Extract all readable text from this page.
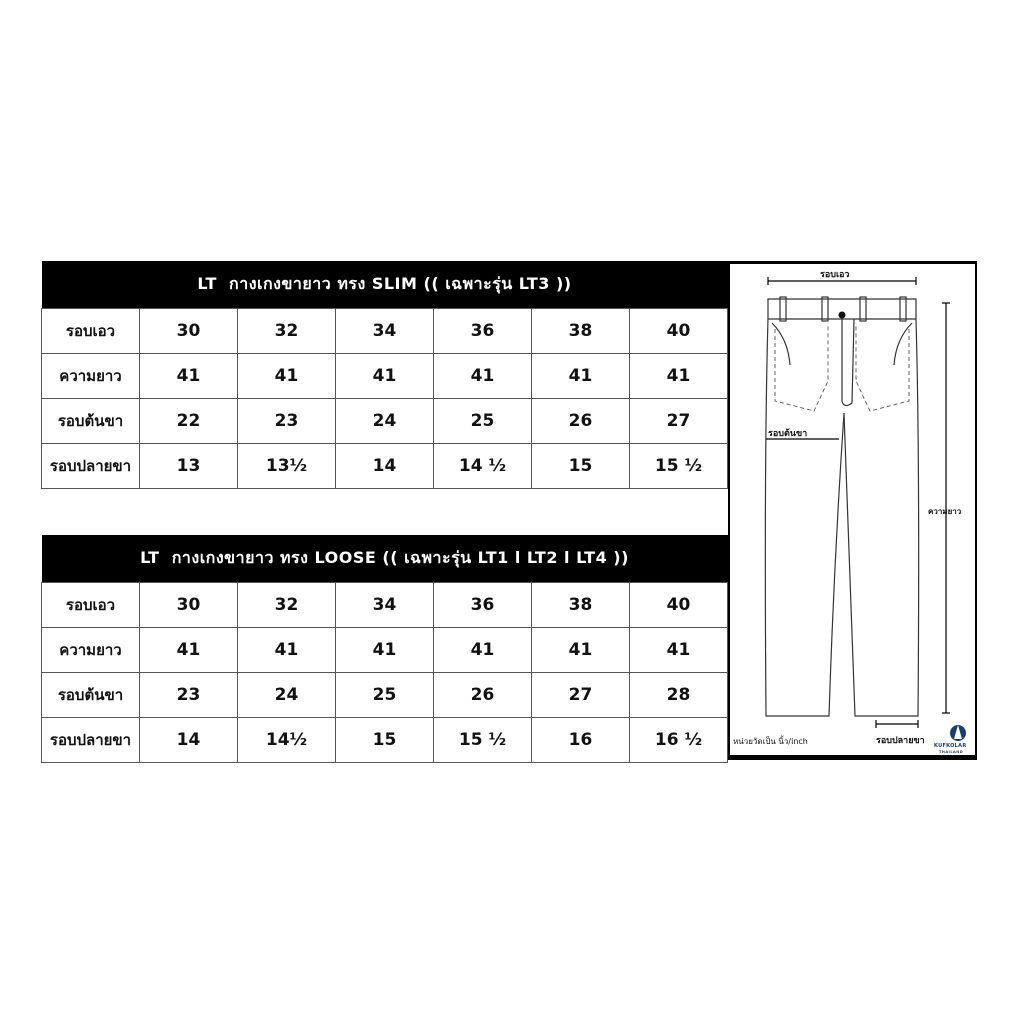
LT  กางเกงขายาว ทรง SLIM (( เฉพาะรุ่น LT3 ))						
รอบเอว	30	32	34	36	38	40
ความยาว	41	41	41	41	41	41
รอบต้นขา	22	23	24	25	26	27
รอบปลายขา	13	13½	14	14 ½	15	15 ½
LT  กางเกงขายาว ทรง LOOSE (( เฉพาะรุ่น LT1 l LT2 l LT4 ))						
รอบเอว	30	32	34	36	38	40
ความยาว	41	41	41	41	41	41
รอบต้นขา	23	24	25	26	27	28
รอบปลายขา	14	14½	15	15 ½	16	16 ½
รอบเอว
รอบต้นขา
ความยาว
รอบปลายขา
หน่วยวัดเป็น นิ้ว/inch	KUFKOLAR
THAILAND
